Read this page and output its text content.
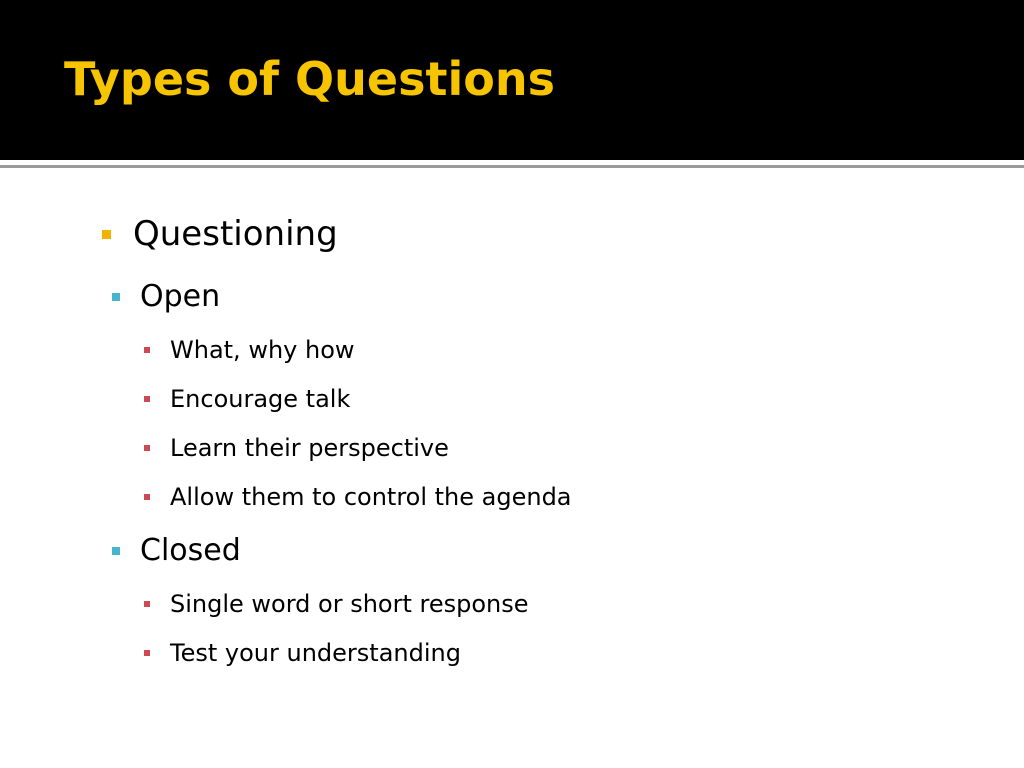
Types of Questions
Questioning
Open
What, why how
Encourage talk
Learn their perspective
Allow them to control the agenda
Closed
Single word or short response
Test your understanding
